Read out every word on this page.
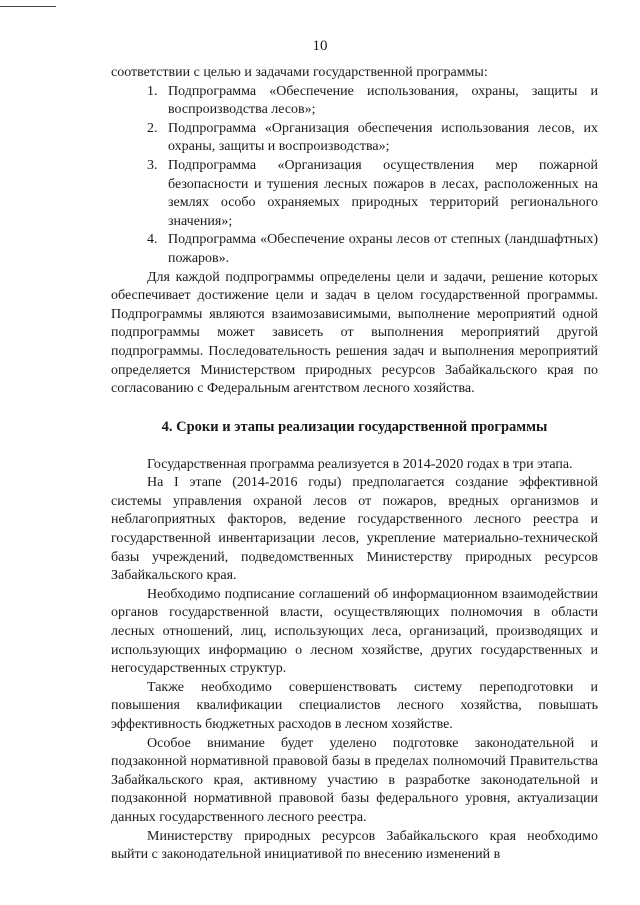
10

соответствии с целью и задачами государственной программы:

1. Подпрограмма «Обеспечение использования, охраны, защиты и воспроизводства лесов»;
2. Подпрограмма «Организация обеспечения использования лесов, их охраны, защиты и воспроизводства»;
3. Подпрограмма «Организация осуществления мер пожарной безопасности и тушения лесных пожаров в лесах, расположенных на землях особо охраняемых природных территорий регионального значения»;
4. Подпрограмма «Обеспечение охраны лесов от степных (ландшафтных) пожаров».

Для каждой подпрограммы определены цели и задачи, решение которых обеспечивает достижение цели и задач в целом государственной программы. Подпрограммы являются взаимозависимыми, выполнение мероприятий одной подпрограммы может зависеть от выполнения мероприятий другой подпрограммы. Последовательность решения задач и выполнения мероприятий определяется Министерством природных ресурсов Забайкальского края по согласованию с Федеральным агентством лесного хозяйства.

4. Сроки и этапы реализации государственной программы

Государственная программа реализуется в 2014-2020 годах в три этапа.

На I этапе (2014-2016 годы) предполагается создание эффективной системы управления охраной лесов от пожаров, вредных организмов и неблагоприятных факторов, ведение государственного лесного реестра и государственной инвентаризации лесов, укрепление материально-технической базы учреждений, подведомственных Министерству природных ресурсов Забайкальского края.

Необходимо подписание соглашений об информационном взаимодействии органов государственной власти, осуществляющих полномочия в области лесных отношений, лиц, использующих леса, организаций, производящих и использующих информацию о лесном хозяйстве, других государственных и негосударственных структур.

Также необходимо совершенствовать систему переподготовки и повышения квалификации специалистов лесного хозяйства, повышать эффективность бюджетных расходов в лесном хозяйстве.

Особое внимание будет уделено подготовке законодательной и подзаконной нормативной правовой базы в пределах полномочий Правительства Забайкальского края, активному участию в разработке законодательной и подзаконной нормативной правовой базы федерального уровня, актуализации данных государственного лесного реестра.

Министерству природных ресурсов Забайкальского края необходимо выйти с законодательной инициативой по внесению изменений в
